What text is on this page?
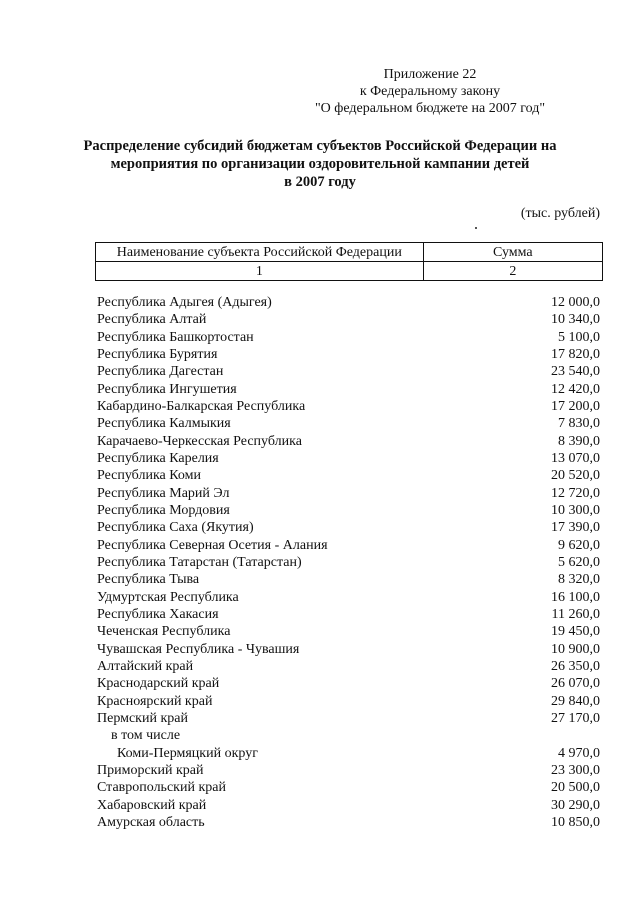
Приложение 22
к Федеральному закону
"О федеральном бюджете на 2007 год"
Распределение субсидий бюджетам субъектов Российской Федерации на
мероприятия по организации оздоровительной кампании детей
в 2007 году
(тыс. рублей)
Наименование субъекта Российской Федерации	Сумма
1	2
Республика Адыгея (Адыгея)	12 000,0
Республика Алтай	10 340,0
Республика Башкортостан	5 100,0
Республика Бурятия	17 820,0
Республика Дагестан	23 540,0
Республика Ингушетия	12 420,0
Кабардино-Балкарская Республика	17 200,0
Республика Калмыкия	7 830,0
Карачаево-Черкесская Республика	8 390,0
Республика Карелия	13 070,0
Республика Коми	20 520,0
Республика Марий Эл	12 720,0
Республика Мордовия	10 300,0
Республика Саха (Якутия)	17 390,0
Республика Северная Осетия - Алания	9 620,0
Республика Татарстан (Татарстан)	5 620,0
Республика Тыва	8 320,0
Удмуртская Республика	16 100,0
Республика Хакасия	11 260,0
Чеченская Республика	19 450,0
Чувашская Республика - Чувашия	10 900,0
Алтайский край	26 350,0
Краснодарский край	26 070,0
Красноярский край	29 840,0
Пермский край	27 170,0
в том числе
Коми-Пермяцкий округ	4 970,0
Приморский край	23 300,0
Ставропольский край	20 500,0
Хабаровский край	30 290,0
Амурская область	10 850,0
